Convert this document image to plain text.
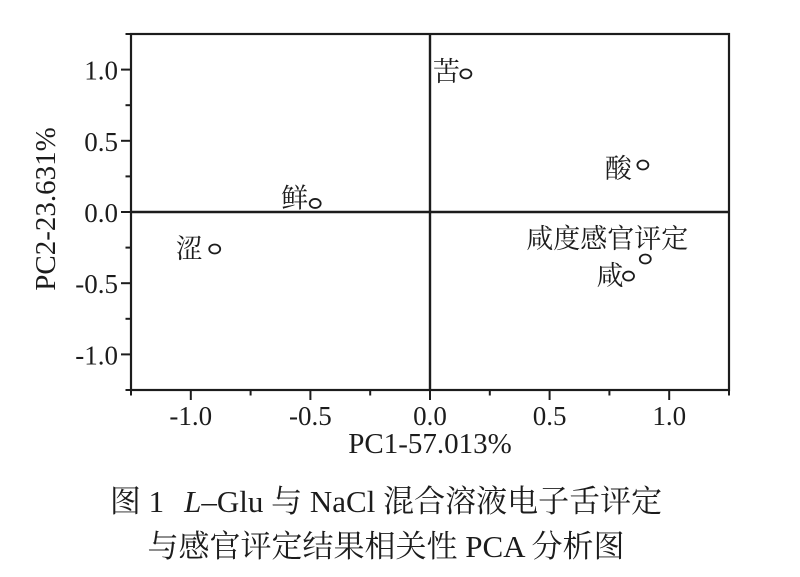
-1.0	-0.5	0.0	0.5	1.0
1.0
0.5
0.0
-0.5
-1.0
PC1-57.013%
PC2-23.631%
苦
酸
鲜
涩	咸度感官评定
咸
图 1 L–Glu 与 NaCl 混合溶液电子舌评定
与感官评定结果相关性 PCA 分析图
